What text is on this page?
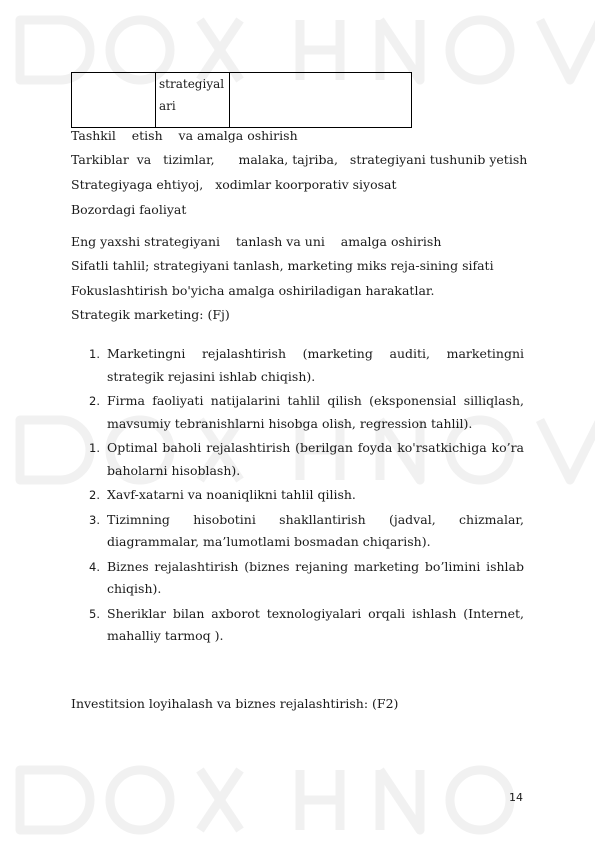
strategiyal
ari

Tashkil    etish    va amalga oshirish
Tarkiblar  va   tizimlar,      malaka, tajriba,   strategiyani tushunib yetish
Strategiyaga ehtiyoj,   xodimlar koorporativ siyosat
Bozordagi faoliyat
Eng yaxshi strategiyani    tanlash va uni    amalga oshirish
Sifatli tahlil; strategiyani tanlash, marketing miks reja-sining sifati
Fokuslashtirish bo'yicha amalga oshiriladigan harakatlar.
Strategik marketing: (Fj)
1. Marketingni rejalashtirish (marketing auditi, marketingni strategik rejasini ishlab chiqish).
2. Firma faoliyati natijalarini tahlil qilish (eksponensial silliqlash, mavsumiy tebranishlarni hisobga olish, regression tahlil).
1. Optimal baholi rejalashtirish (berilgan foyda ko'rsatkichiga ko’ra baholarni hisoblash).
2. Xavf-xatarni va noaniqlikni tahlil qilish.
3. Tizimning hisobotini shakllantirish (jadval, chizmalar, diagrammalar, ma’lumotlami bosmadan chiqarish).
4. Biznes rejalashtirish (biznes rejaning marketing bo’limini ishlab chiqish).
5. Sheriklar bilan axborot texnologiyalari orqali ishlash (Internet, mahalliy tarmoq ).
Investitsion loyihalash va biznes rejalashtirish: (F2)
14
